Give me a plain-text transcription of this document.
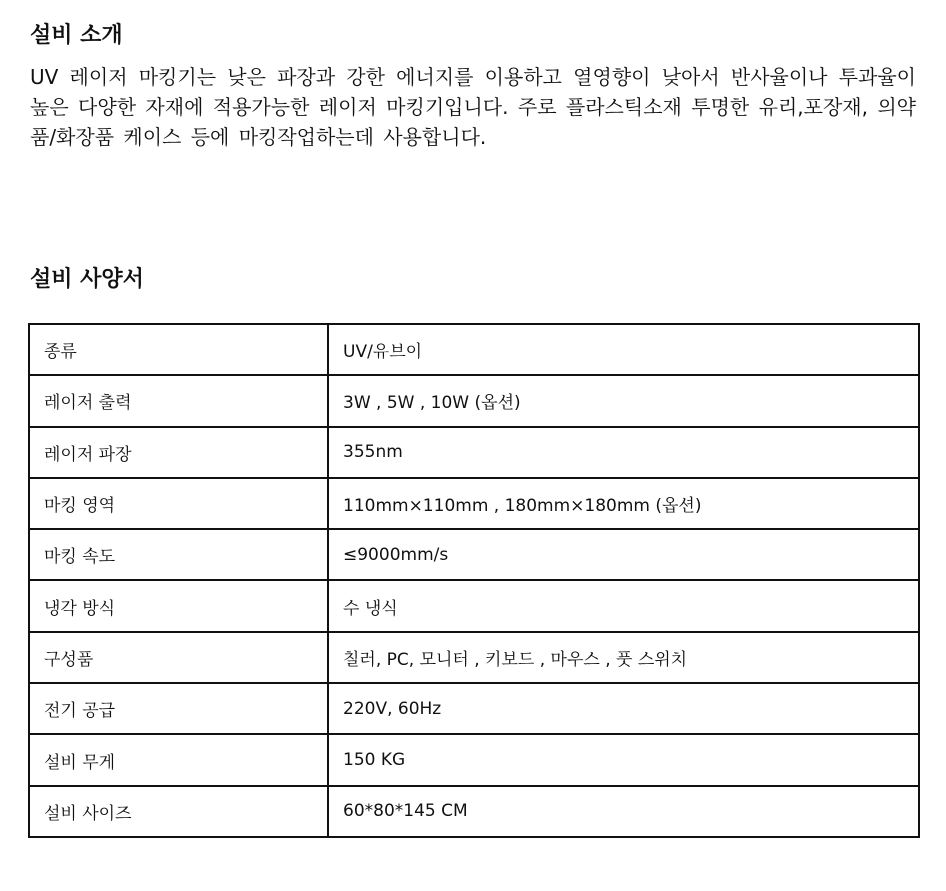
설비 소개

UV 레이저 마킹기는 낮은 파장과 강한 에너지를 이용하고 열영향이 낮아서 반사율이나 투과율이 높은 다양한 자재에 적용가능한 레이저 마킹기입니다. 주로 플라스틱소재 투명한 유리,포장재, 의약품/화장품 케이스 등에 마킹작업하는데 사용합니다.

설비 사양서
종류	UV/유브이
레이저 출력	3W , 5W , 10W (옵션)
레이저 파장	355nm
마킹 영역	110mm×110mm , 180mm×180mm (옵션)
마킹 속도	≤9000mm/s
냉각 방식	수 냉식
구성품	칠러, PC, 모니터 , 키보드 , 마우스 , 풋 스위치
전기 공급	220V, 60Hz
설비 무게	150 KG
설비 사이즈	60*80*145 CM
